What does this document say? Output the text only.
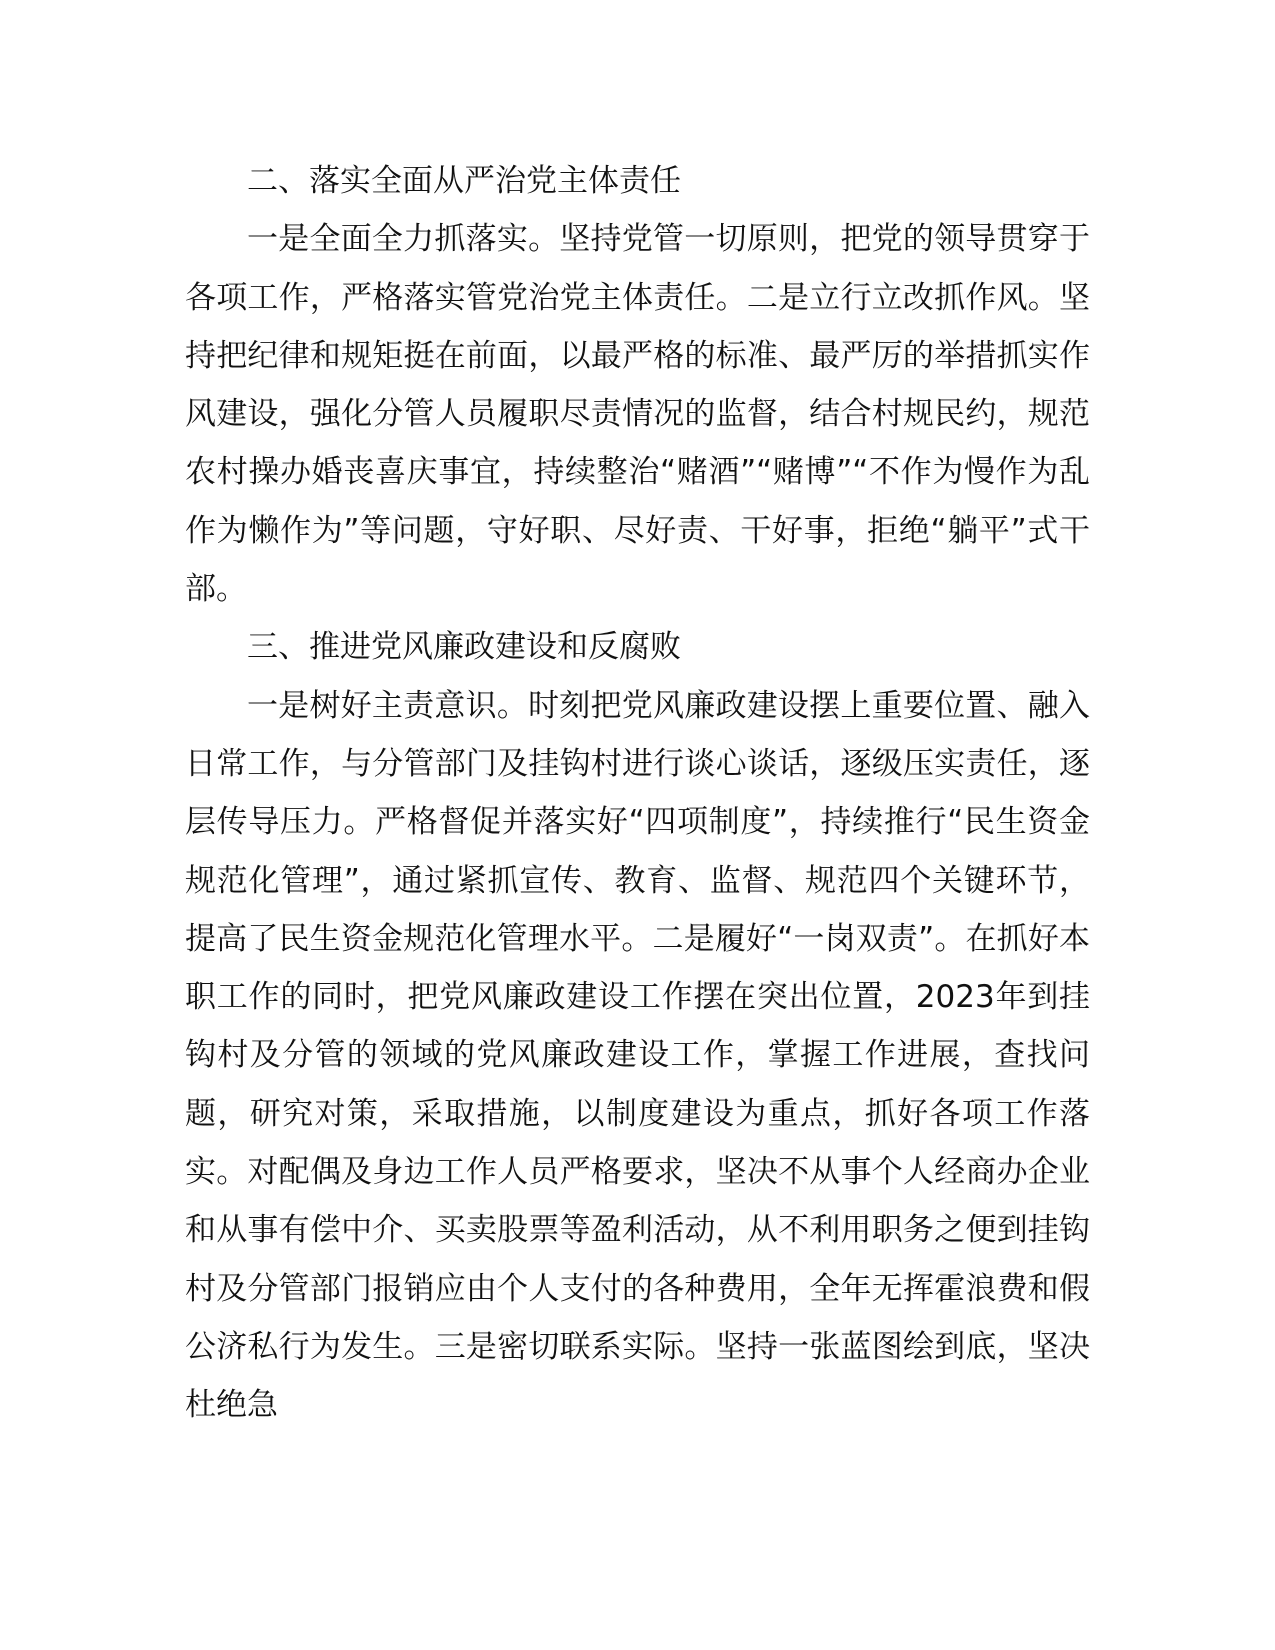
二、落实全面从严治党主体责任

一是全面全力抓落实。坚持党管一切原则，把党的领导贯穿于各项工作，严格落实管党治党主体责任。二是立行立改抓作风。坚持把纪律和规矩挺在前面，以最严格的标准、最严厉的举措抓实作风建设，强化分管人员履职尽责情况的监督，结合村规民约，规范农村操办婚丧喜庆事宜，持续整治“赌酒”“赌博”“不作为慢作为乱作为懒作为”等问题，守好职、尽好责、干好事，拒绝“躺平”式干部。

三、推进党风廉政建设和反腐败

一是树好主责意识。时刻把党风廉政建设摆上重要位置、融入日常工作，与分管部门及挂钩村进行谈心谈话，逐级压实责任，逐层传导压力。严格督促并落实好“四项制度”，持续推行“民生资金规范化管理”，通过紧抓宣传、教育、监督、规范四个关键环节，提高了民生资金规范化管理水平。二是履好“一岗双责”。在抓好本职工作的同时，把党风廉政建设工作摆在突出位置，2023年到挂钩村及分管的领域的党风廉政建设工作，掌握工作进展，查找问题，研究对策，采取措施，以制度建设为重点，抓好各项工作落实。对配偶及身边工作人员严格要求，坚决不从事个人经商办企业和从事有偿中介、买卖股票等盈利活动，从不利用职务之便到挂钩村及分管部门报销应由个人支付的各种费用，全年无挥霍浪费和假公济私行为发生。三是密切联系实际。坚持一张蓝图绘到底，坚决杜绝急
